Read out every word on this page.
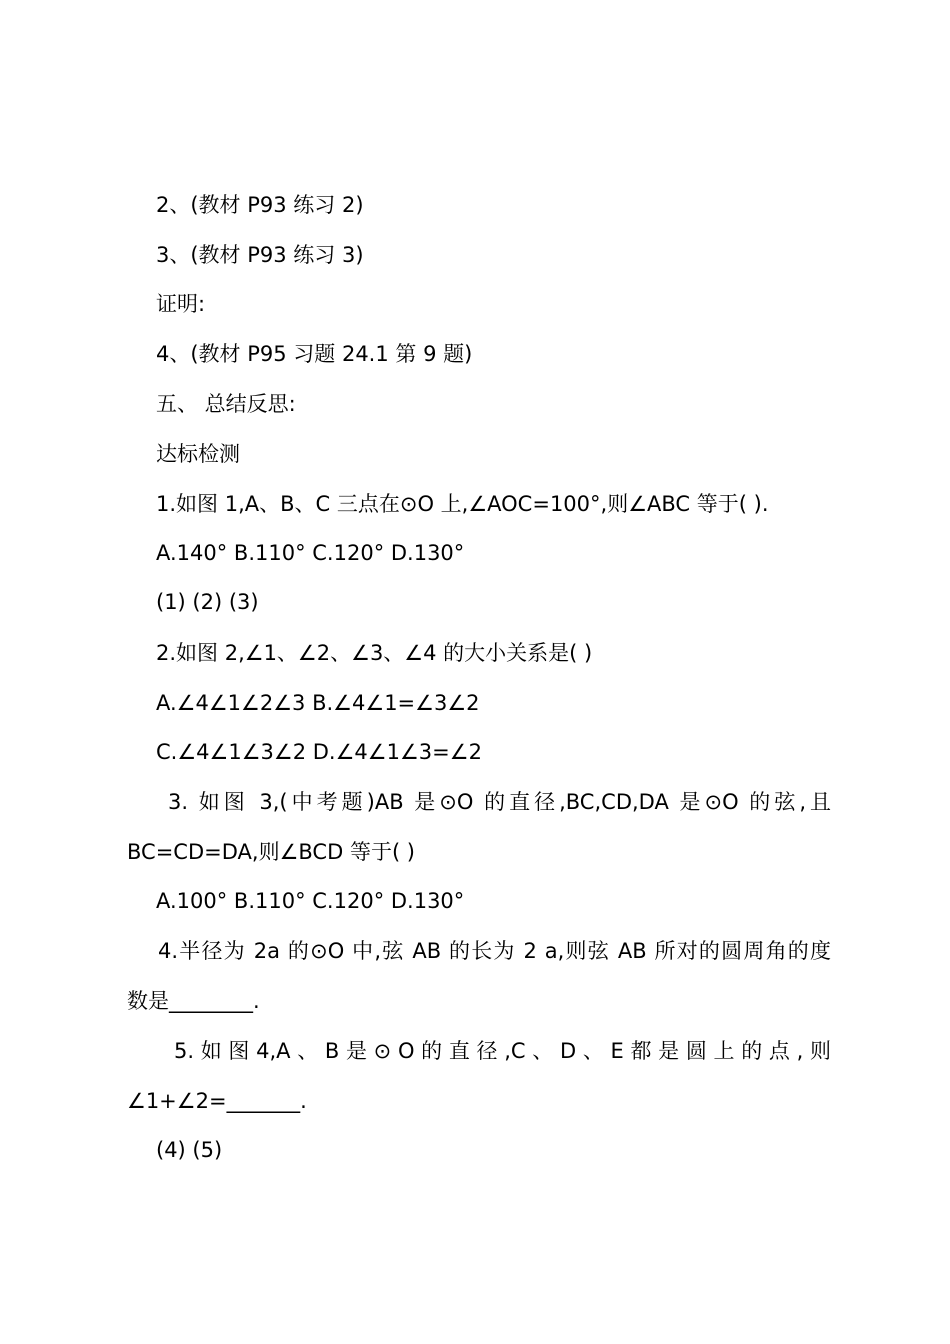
2、(教材 P93 练习 2)
3、(教材 P93 练习 3)
证明:
4、(教材 P95 习题 24.1 第 9 题)
五、 总结反思:
达标检测
1.如图 1,A、B、C 三点在⊙O 上,∠AOC=100°,则∠ABC 等于( ).
A.140° B.110° C.120° D.130°
(1) (2) (3)
2.如图 2,∠1、∠2、∠3、∠4 的大小关系是( )
A.∠4∠1∠2∠3 B.∠4∠1=∠3∠2
C.∠4∠1∠3∠2 D.∠4∠1∠3=∠2
3. 如图 3,(中考题)AB 是⊙O 的直径,BC,CD,DA 是⊙O 的弦,且
BC=CD=DA,则∠BCD 等于( )
A.100° B.110° C.120° D.130°
4.半径为 2a 的⊙O 中,弦 AB 的长为 2 a,则弦 AB 所对的圆周角的度
数是________.
5. 如 图 4,A 、 B 是 ⊙ O 的 直 径 ,C 、 D 、 E 都 是 圆 上 的 点 , 则
∠1+∠2=_______.
(4) (5)
